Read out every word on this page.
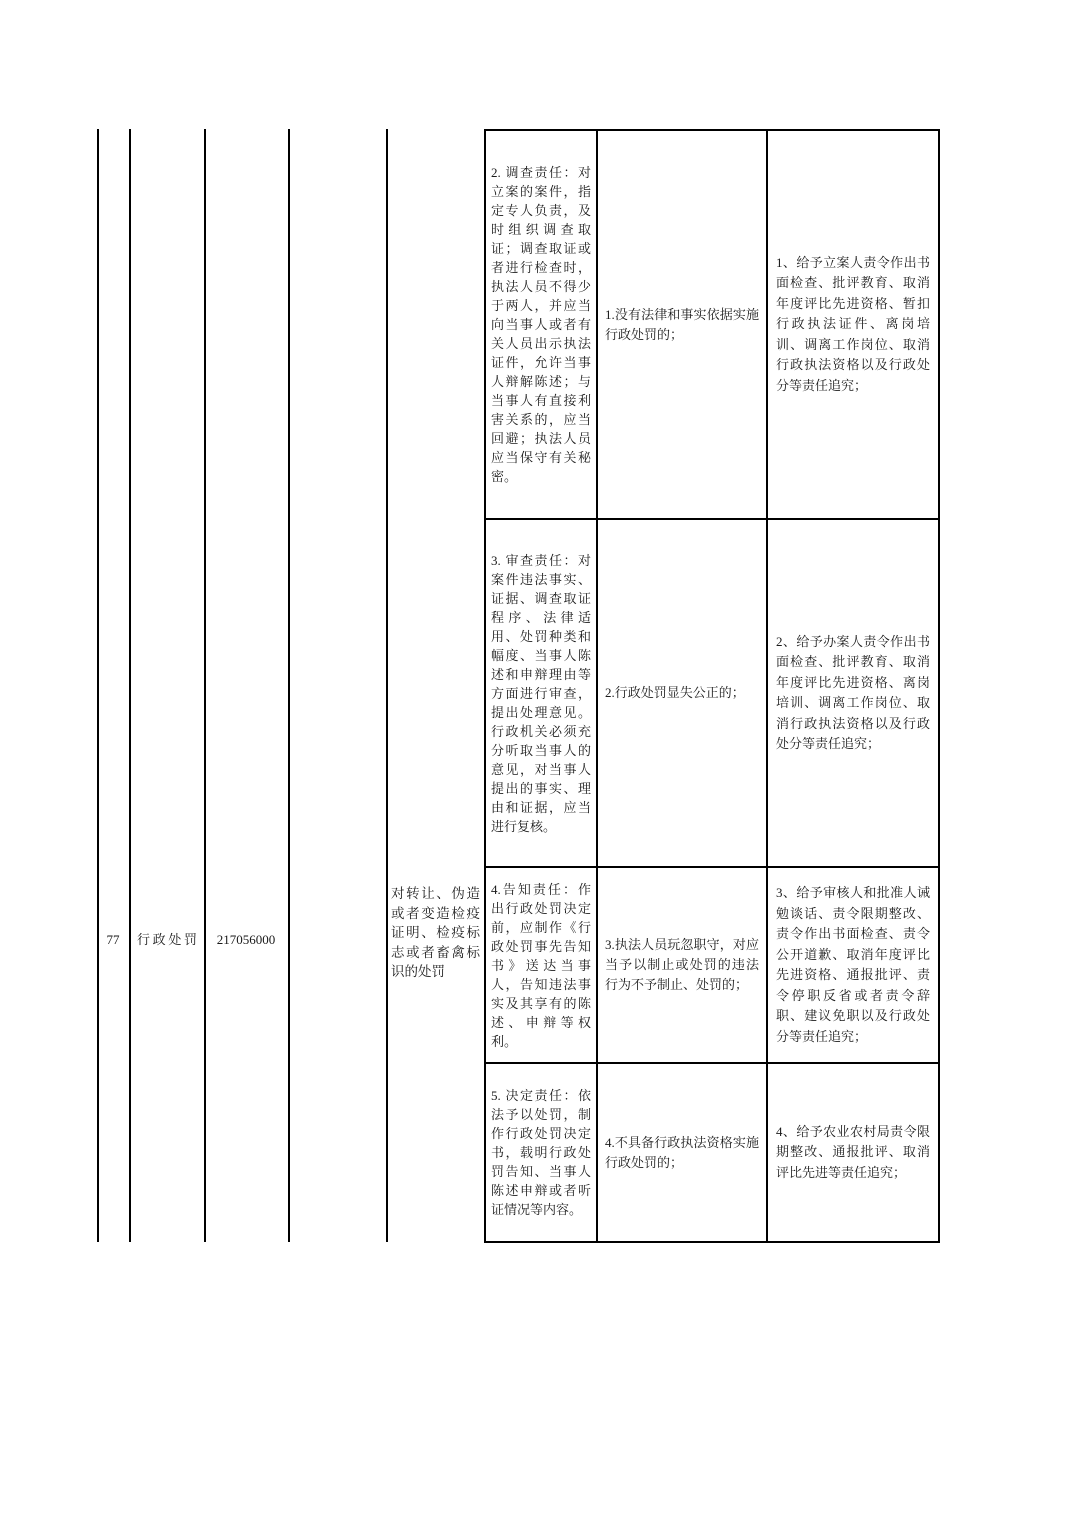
77	行政处罚	217056000
对转让、伪造或者变造检疫证明、检疫标志或者畜禽标识的处罚
2. 调查责任：对立案的案件，指定专人负责，及时组织调查取证；调查取证或者进行检查时，执法人员不得少于两人，并应当向当事人或者有关人员出示执法证件，允许当事人辩解陈述；与当事人有直接利害关系的，应当回避；执法人员应当保守有关秘密。
1.没有法律和事实依据实施行政处罚的；
1、给予立案人责令作出书面检查、批评教育、取消年度评比先进资格、暂扣行政执法证件、离岗培训、调离工作岗位、取消行政执法资格以及行政处分等责任追究；
3. 审查责任：对案件违法事实、证据、调查取证程序、法律适用、处罚种类和幅度、当事人陈述和申辩理由等方面进行审查，提出处理意见。行政机关必须充分听取当事人的意见，对当事人提出的事实、理由和证据，应当进行复核。
2.行政处罚显失公正的；
2、给予办案人责令作出书面检查、批评教育、取消年度评比先进资格、离岗培训、调离工作岗位、取消行政执法资格以及行政处分等责任追究；
4.告知责任：作出行政处罚决定前，应制作《行政处罚事先告知书》送达当事人，告知违法事实及其享有的陈述、申辩等权利。
3.执法人员玩忽职守，对应当予以制止或处罚的违法行为不予制止、处罚的；
3、给予审核人和批准人诫勉谈话、责令限期整改、责令作出书面检查、责令公开道歉、取消年度评比先进资格、通报批评、责令停职反省或者责令辞职、建议免职以及行政处分等责任追究；
5. 决定责任：依法予以处罚，制作行政处罚决定书，载明行政处罚告知、当事人陈述申辩或者听证情况等内容。
4.不具备行政执法资格实施行政处罚的；
4、给予农业农村局责令限期整改、通报批评、取消评比先进等责任追究；
